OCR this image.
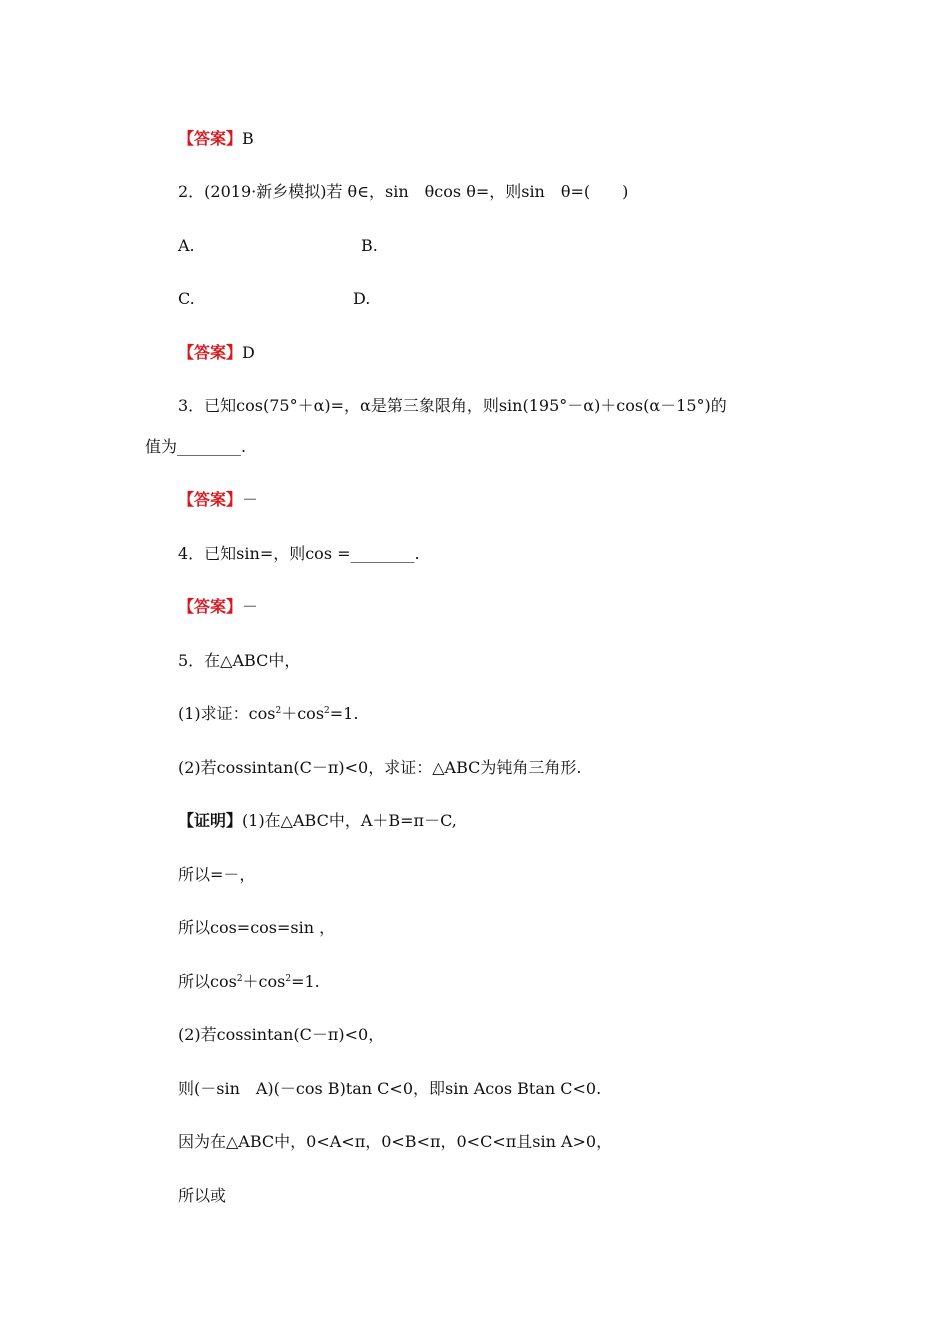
【答案】B
2．(2019·新乡模拟)若 θ∈，sin　θcos θ=，则sin　θ=(　　)
A.	B.
C.	D.
【答案】D
3．已知cos(75°＋α)=，α是第三象限角，则sin(195°－α)＋cos(α－15°)的
值为________.
【答案】－
4．已知sin=，则cos =________.
【答案】－
5．在△ABC中，
(1)求证：$\cos^2+\cos^2=1$.
(2)若cossintan(C－π)<0，求证：△ABC为钝角三角形.
【证明】(1)在△ABC中，A＋B=π－C,
所以=－，
所以cos=cos=sin ，
所以$\cos^2+\cos^2=1$.
(2)若cossintan(C－π)<0，
则(－sin　A)(－cos B)tan C<0，即sin Acos Btan C<0.
因为在△ABC中，0<A<π，0<B<π，0<C<π且sin A>0，
所以或
